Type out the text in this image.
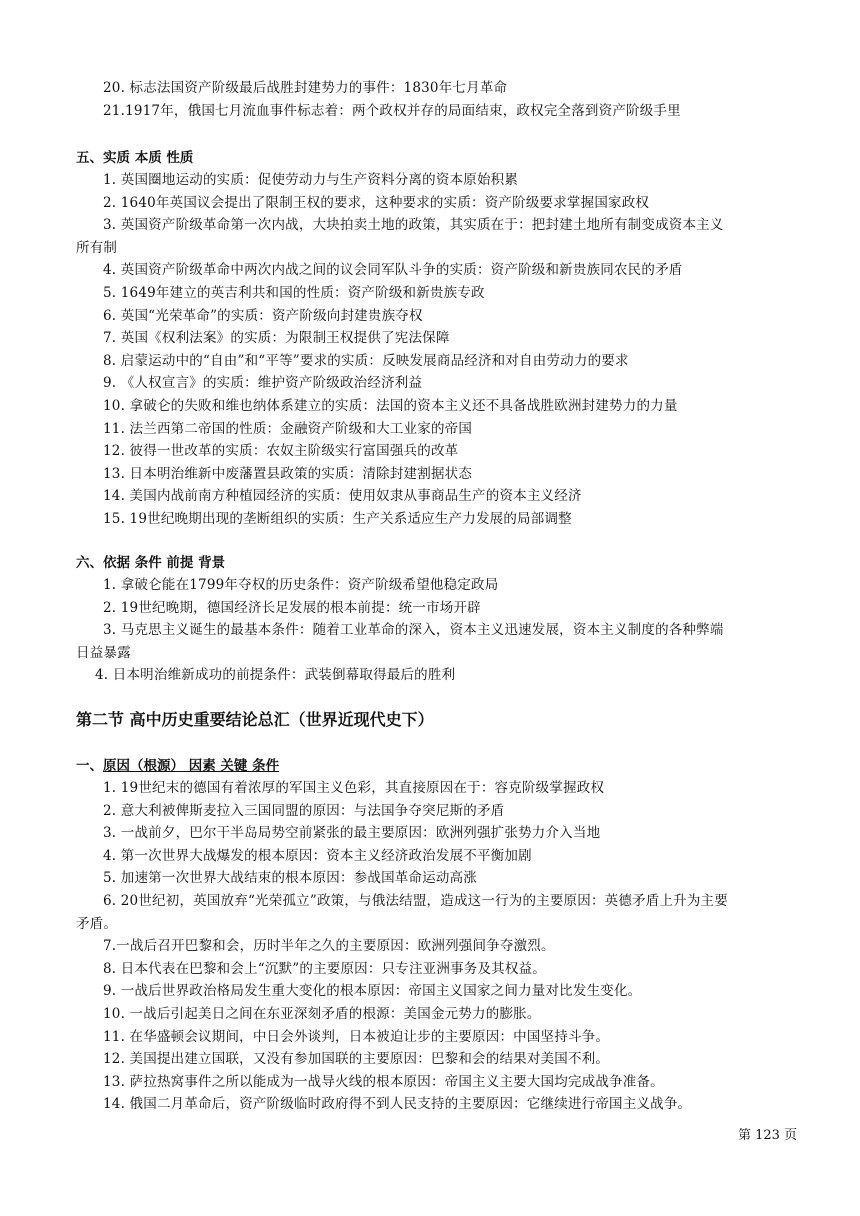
20. 标志法国资产阶级最后战胜封建势力的事件：1830年七月革命
21.1917年，俄国七月流血事件标志着：两个政权并存的局面结束，政权完全落到资产阶级手里
五、实质 本质 性质
1. 英国圈地运动的实质：促使劳动力与生产资料分离的资本原始积累
2. 1640年英国议会提出了限制王权的要求，这种要求的实质：资产阶级要求掌握国家政权
3. 英国资产阶级革命第一次内战，大块拍卖土地的政策，其实质在于：把封建土地所有制变成资本主义
所有制
4. 英国资产阶级革命中两次内战之间的议会同军队斗争的实质：资产阶级和新贵族同农民的矛盾
5. 1649年建立的英吉利共和国的性质：资产阶级和新贵族专政
6. 英国“光荣革命”的实质：资产阶级向封建贵族夺权
7. 英国《权利法案》的实质：为限制王权提供了宪法保障
8. 启蒙运动中的“自由”和“平等”要求的实质：反映发展商品经济和对自由劳动力的要求
9. 《人权宣言》的实质：维护资产阶级政治经济利益
10. 拿破仑的失败和维也纳体系建立的实质：法国的资本主义还不具备战胜欧洲封建势力的力量
11. 法兰西第二帝国的性质：金融资产阶级和大工业家的帝国
12. 彼得一世改革的实质：农奴主阶级实行富国强兵的改革
13. 日本明治维新中废藩置县政策的实质：清除封建割据状态
14. 美国内战前南方种植园经济的实质：使用奴隶从事商品生产的资本主义经济
15. 19世纪晚期出现的垄断组织的实质：生产关系适应生产力发展的局部调整
六、依据 条件 前提 背景
1. 拿破仑能在1799年夺权的历史条件：资产阶级希望他稳定政局
2. 19世纪晚期，德国经济长足发展的根本前提：统一市场开辟
3. 马克思主义诞生的最基本条件：随着工业革命的深入，资本主义迅速发展，资本主义制度的各种弊端
日益暴露
4. 日本明治维新成功的前提条件：武装倒幕取得最后的胜利
第二节 高中历史重要结论总汇（世界近现代史下）
一、原因（根源） 因素 关键 条件
1. 19世纪末的德国有着浓厚的军国主义色彩，其直接原因在于：容克阶级掌握政权
2. 意大利被俾斯麦拉入三国同盟的原因：与法国争夺突尼斯的矛盾
3. 一战前夕，巴尔干半岛局势空前紧张的最主要原因：欧洲列强扩张势力介入当地
4. 第一次世界大战爆发的根本原因：资本主义经济政治发展不平衡加剧
5. 加速第一次世界大战结束的根本原因：参战国革命运动高涨
6. 20世纪初，英国放弃“光荣孤立”政策，与俄法结盟，造成这一行为的主要原因：英德矛盾上升为主要
矛盾。
7.一战后召开巴黎和会，历时半年之久的主要原因：欧洲列强间争夺激烈。
8. 日本代表在巴黎和会上“沉默”的主要原因：只专注亚洲事务及其权益。
9. 一战后世界政治格局发生重大变化的根本原因：帝国主义国家之间力量对比发生变化。
10. 一战后引起美日之间在东亚深刻矛盾的根源：美国金元势力的膨胀。
11. 在华盛顿会议期间，中日会外谈判，日本被迫让步的主要原因：中国坚持斗争。
12. 美国提出建立国联，又没有参加国联的主要原因：巴黎和会的结果对美国不利。
13. 萨拉热窝事件之所以能成为一战导火线的根本原因：帝国主义主要大国均完成战争准备。
14. 俄国二月革命后，资产阶级临时政府得不到人民支持的主要原因：它继续进行帝国主义战争。
第 123 页
